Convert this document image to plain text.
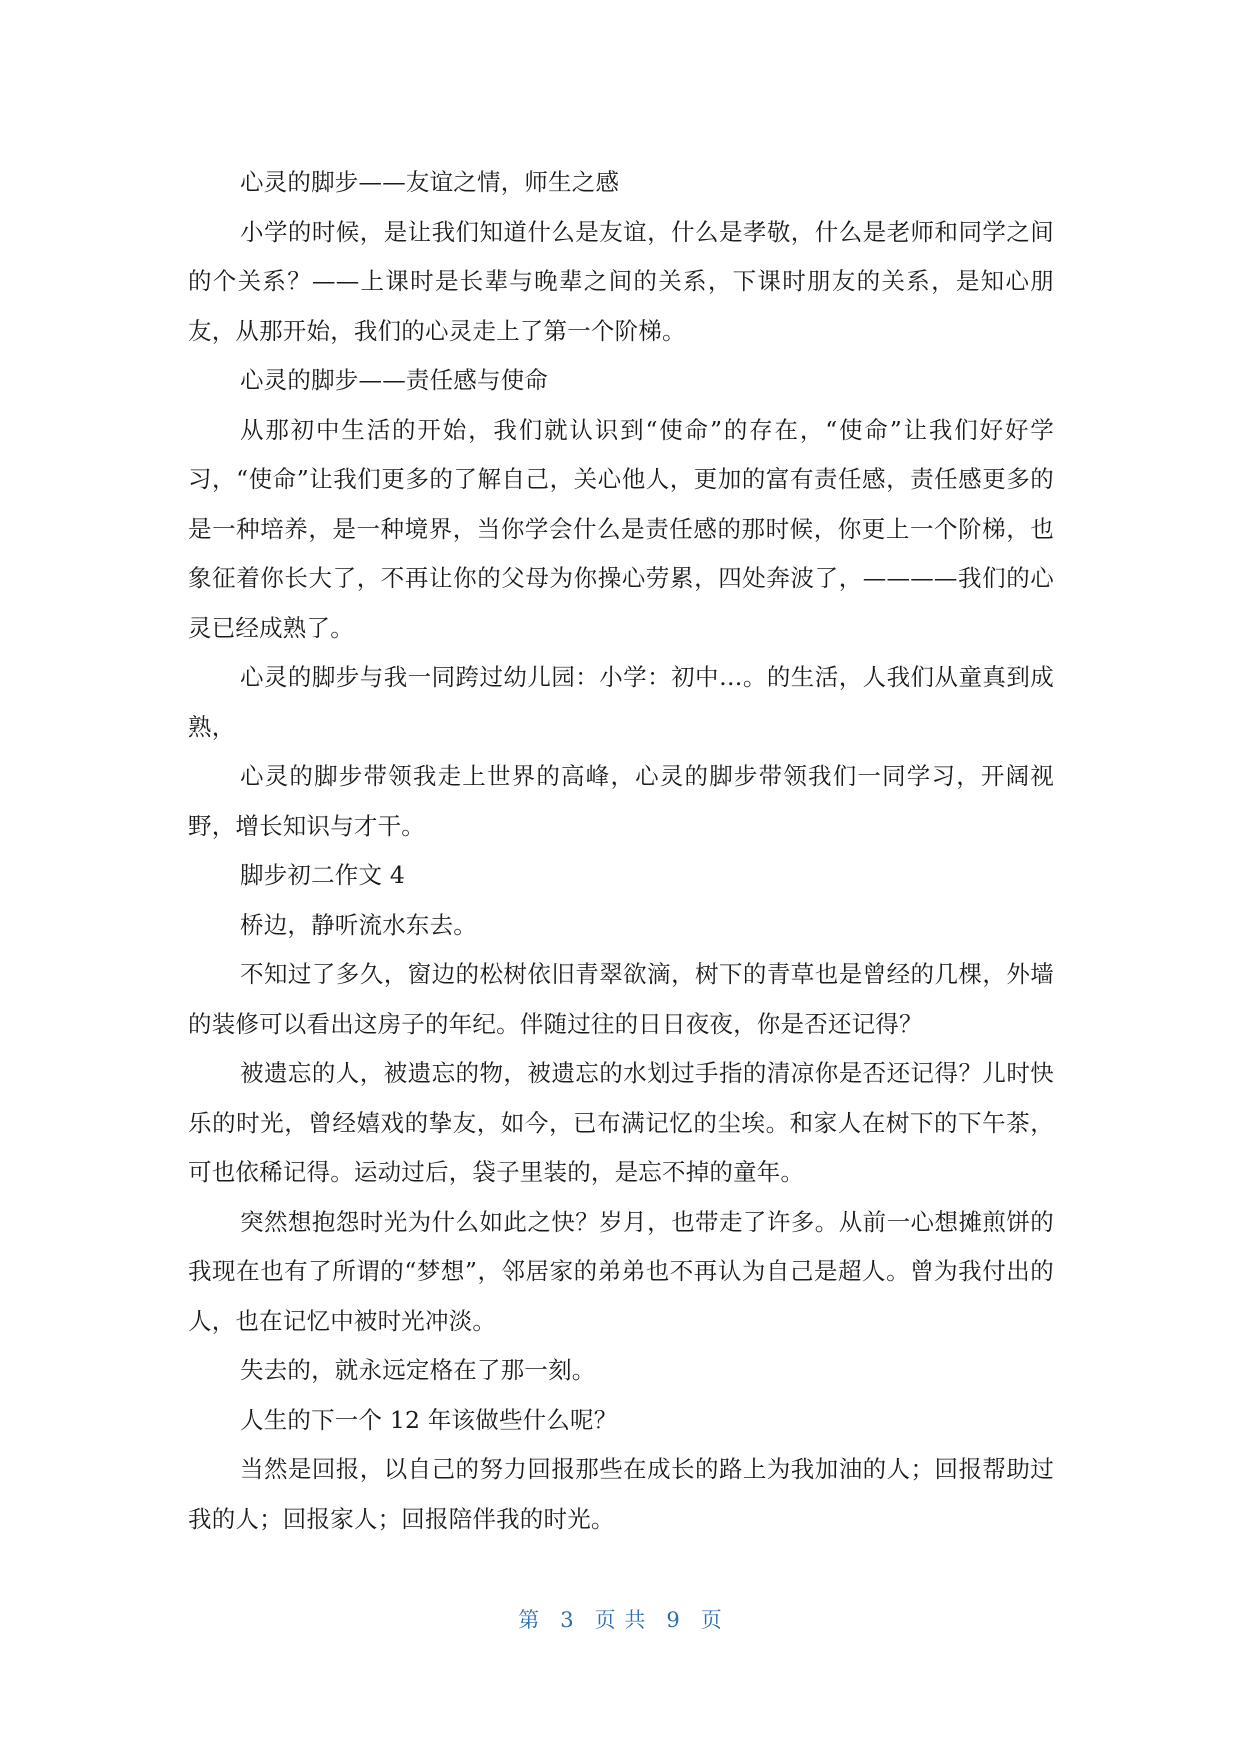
心灵的脚步——友谊之情，师生之感

小学的时候，是让我们知道什么是友谊，什么是孝敬，什么是老师和同学之间的个关系？——上课时是长辈与晚辈之间的关系，下课时朋友的关系，是知心朋友，从那开始，我们的心灵走上了第一个阶梯。

心灵的脚步——责任感与使命

从那初中生活的开始，我们就认识到“使命”的存在，“使命”让我们好好学习，“使命”让我们更多的了解自己，关心他人，更加的富有责任感，责任感更多的是一种培养，是一种境界，当你学会什么是责任感的那时候，你更上一个阶梯，也象征着你长大了，不再让你的父母为你操心劳累，四处奔波了，————我们的心灵已经成熟了。

心灵的脚步与我一同跨过幼儿园：小学：初中…。的生活，人我们从童真到成熟，

心灵的脚步带领我走上世界的高峰，心灵的脚步带领我们一同学习，开阔视野，增长知识与才干。

脚步初二作文 4

桥边，静听流水东去。

不知过了多久，窗边的松树依旧青翠欲滴，树下的青草也是曾经的几棵，外墙的装修可以看出这房子的年纪。伴随过往的日日夜夜，你是否还记得？

被遗忘的人，被遗忘的物，被遗忘的水划过手指的清凉你是否还记得？儿时快乐的时光，曾经嬉戏的挚友，如今，已布满记忆的尘埃。和家人在树下的下午茶，可也依稀记得。运动过后，袋子里装的，是忘不掉的童年。

突然想抱怨时光为什么如此之快？岁月，也带走了许多。从前一心想摊煎饼的我现在也有了所谓的“梦想”，邻居家的弟弟也不再认为自己是超人。曾为我付出的人，也在记忆中被时光冲淡。

失去的，就永远定格在了那一刻。

人生的下一个 12 年该做些什么呢？

当然是回报，以自己的努力回报那些在成长的路上为我加油的人；回报帮助过我的人；回报家人；回报陪伴我的时光。

第 3 页 共 9 页
